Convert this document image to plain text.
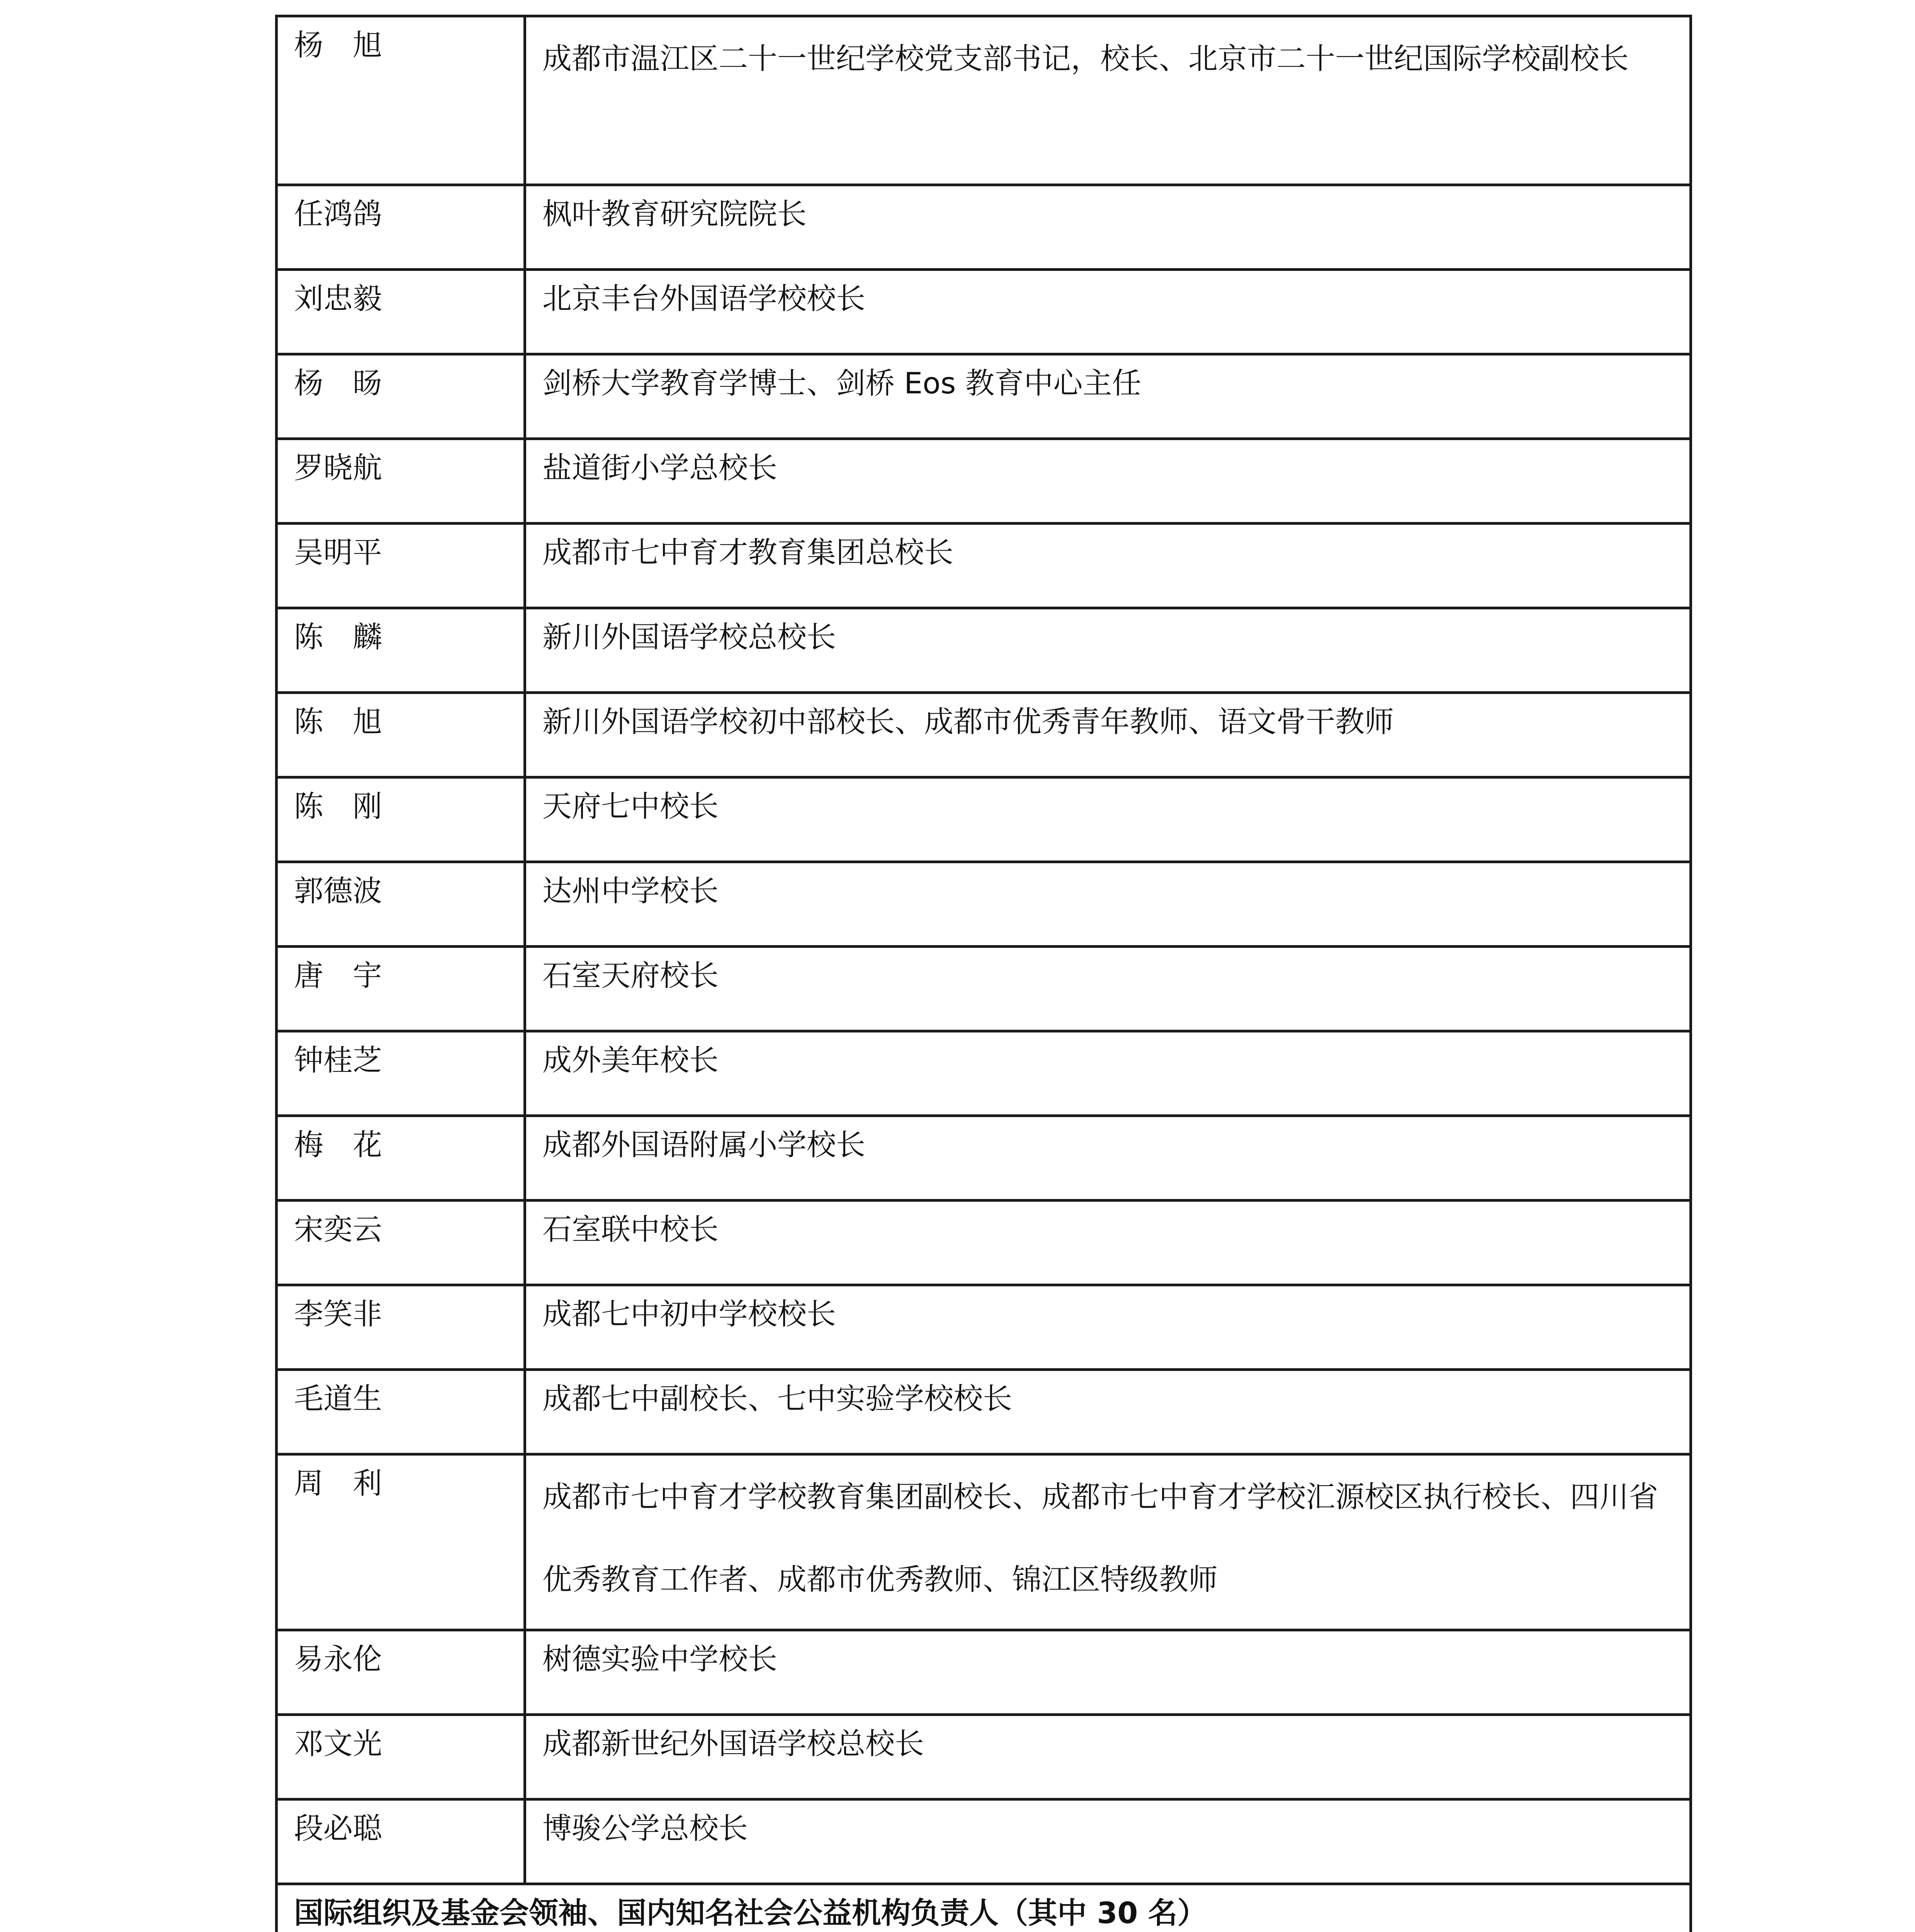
杨　旭	成都市温江区二十一世纪学校党支部书记，校长、北京市二十一世纪国际学校副校长
任鸿鸽	枫叶教育研究院院长
刘忠毅	北京丰台外国语学校校长
杨　旸	剑桥大学教育学博士、剑桥 Eos 教育中心主任
罗晓航	盐道街小学总校长
吴明平	成都市七中育才教育集团总校长
陈　麟	新川外国语学校总校长
陈　旭	新川外国语学校初中部校长、成都市优秀青年教师、语文骨干教师
陈　刚	天府七中校长
郭德波	达州中学校长
唐　宇	石室天府校长
钟桂芝	成外美年校长
梅　花	成都外国语附属小学校长
宋奕云	石室联中校长
李笑非	成都七中初中学校校长
毛道生	成都七中副校长、七中实验学校校长
周　利	成都市七中育才学校教育集团副校长、成都市七中育才学校汇源校区执行校长、四川省优秀教育工作者、成都市优秀教师、锦江区特级教师
易永伦	树德实验中学校长
邓文光	成都新世纪外国语学校总校长
段必聪	博骏公学总校长
国际组织及基金会领袖、国内知名社会公益机构负责人（其中 30 名）	
